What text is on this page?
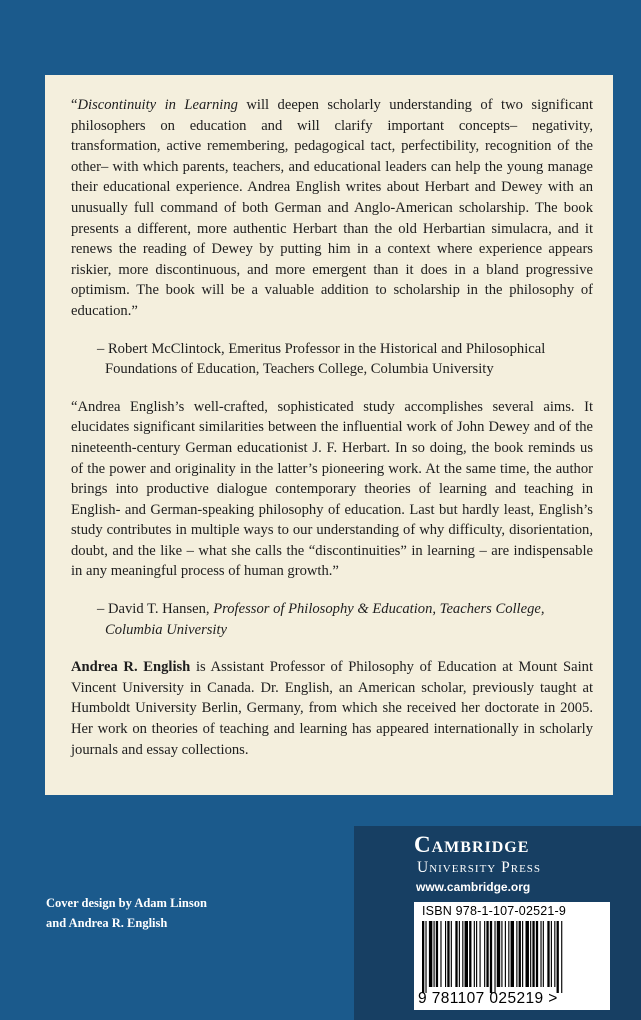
“Discontinuity in Learning will deepen scholarly understanding of two significant philosophers on education and will clarify important concepts– negativity, transformation, active remembering, pedagogical tact, perfectibility, recognition of the other– with which parents, teachers, and educational leaders can help the young manage their educational experience. Andrea English writes about Herbart and Dewey with an unusually full command of both German and Anglo-American scholarship. The book presents a different, more authentic Herbart than the old Herbartian simulacra, and it renews the reading of Dewey by putting him in a context where experience appears riskier, more discontinuous, and more emergent than it does in a bland progressive optimism. The book will be a valuable addition to scholarship in the philosophy of education.”

– Robert McClintock, Emeritus Professor in the Historical and Philosophical Foundations of Education, Teachers College, Columbia University

“Andrea English’s well-crafted, sophisticated study accomplishes several aims. It elucidates significant similarities between the influential work of John Dewey and of the nineteenth-century German educationist J. F. Herbart. In so doing, the book reminds us of the power and originality in the latter’s pioneering work. At the same time, the author brings into productive dialogue contemporary theories of learning and teaching in English- and German-speaking philosophy of education. Last but hardly least, English’s study contributes in multiple ways to our understanding of why difficulty, disorientation, doubt, and the like – what she calls the “discontinuities” in learning – are indispensable in any meaningful process of human growth.”

– David T. Hansen, Professor of Philosophy & Education, Teachers College, Columbia University

Andrea R. English is Assistant Professor of Philosophy of Education at Mount Saint Vincent University in Canada. Dr. English, an American scholar, previously taught at Humboldt University Berlin, Germany, from which she received her doctorate in 2005. Her work on theories of teaching and learning has appeared internationally in scholarly journals and essay collections.

Cover design by Adam Linson
and Andrea R. English
Cambridge
University Press
www.cambridge.org
ISBN 978-1-107-02521-9
9 781107 025219 >
